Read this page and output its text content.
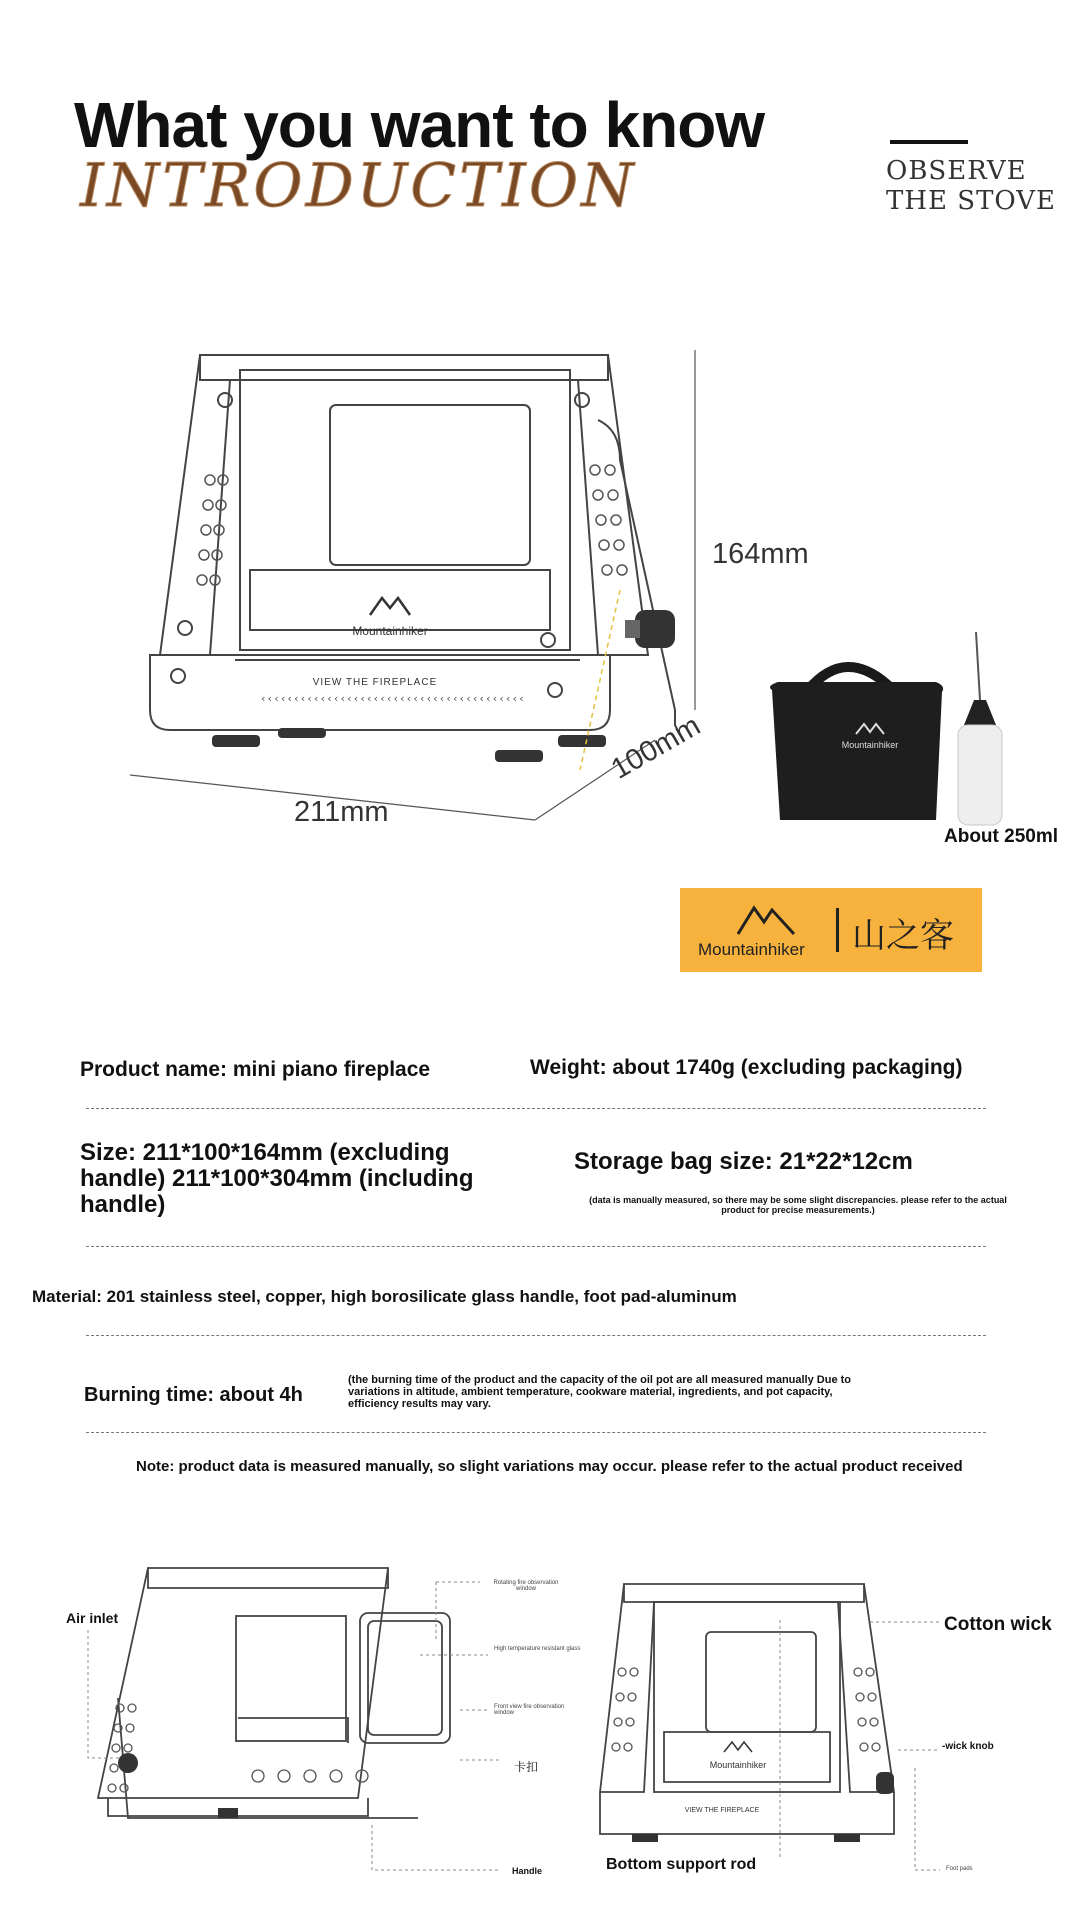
What you want to know
INTRODUCTION	OBSERVE
THE STOVE
Mountainhiker
VIEW THE FIREPLACE
‹‹‹‹‹‹‹‹‹‹‹‹‹‹‹‹‹‹‹‹‹‹‹‹‹‹‹‹‹‹‹‹‹‹‹‹‹‹‹‹
164mm
211mm
100mm	Mountainhiker
About 250ml
Mountainhiker 山之客
Product name: mini piano fireplace	Weight: about 1740g (excluding packaging)
Size: 211*100*164mm (excluding
handle) 211*100*304mm (including
handle)
Storage bag size: 21*22*12cm
(data is manually measured, so there may be some slight discrepancies. please refer to the actual
product for precise measurements.)
Material: 201 stainless steel, copper, high borosilicate glass handle, foot pad-aluminum
Burning time: about 4h
(the burning time of the product and the capacity of the oil pot are all measured manually Due to
variations in altitude, ambient temperature, cookware material, ingredients, and pot capacity,
efficiency results may vary.
Note: product data is measured manually, so slight variations may occur. please refer to the actual product received
Air inlet
Rotating fire observation
window
High temperature resistant glass
Front view fire observation
window
卡扣
Handle
Mountainhiker
VIEW THE FIREPLACE
Cotton wick
-wick knob
Bottom support rod	Foot pads
